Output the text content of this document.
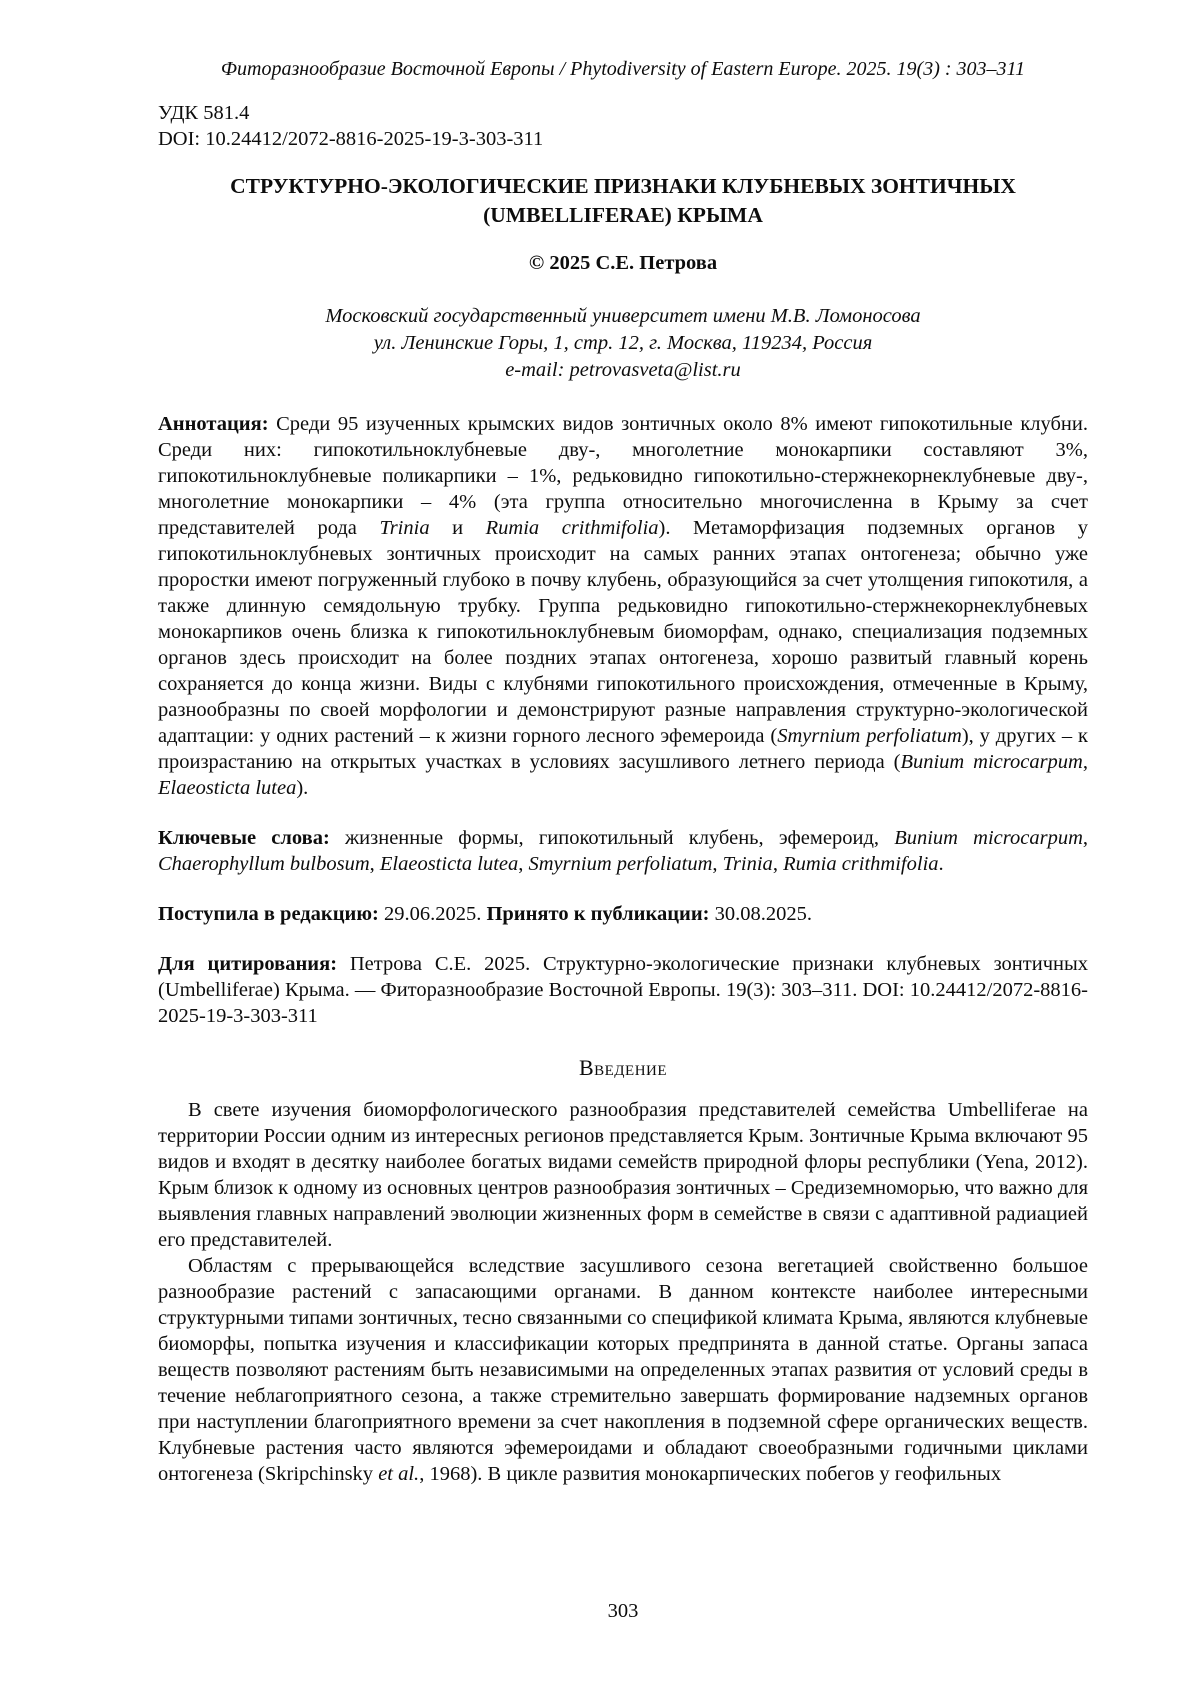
Фиторазнообразие Восточной Европы / Phytodiversity of Eastern Europe. 2025. 19(3) : 303–311
УДК 581.4
DOI: 10.24412/2072-8816-2025-19-3-303-311
СТРУКТУРНО-ЭКОЛОГИЧЕСКИЕ ПРИЗНАКИ КЛУБНЕВЫХ ЗОНТИЧНЫХ
(UMBELLIFERAE) КРЫМА
© 2025 С.Е. Петрова
Московский государственный университет имени М.В. Ломоносова
ул. Ленинские Горы, 1, стр. 12, г. Москва, 119234, Россия
e-mail: petrovasveta@list.ru

Аннотация: Среди 95 изученных крымских видов зонтичных около 8% имеют гипокотильные клубни. Среди них: гипокотильноклубневые дву-, многолетние монокарпики составляют 3%, гипокотильноклубневые поликарпики – 1%, редьковидно гипокотильно-стержнекорнеклубневые дву-, многолетние монокарпики – 4% (эта группа относительно многочисленна в Крыму за счет представителей рода Trinia и Rumia crithmifolia). Метаморфизация подземных органов у гипокотильноклубневых зонтичных происходит на самых ранних этапах онтогенеза; обычно уже проростки имеют погруженный глубоко в почву клубень, образующийся за счет утолщения гипокотиля, а также длинную семядольную трубку. Группа редьковидно гипокотильно-стержнекорнеклубневых монокарпиков очень близка к гипокотильноклубневым биоморфам, однако, специализация подземных органов здесь происходит на более поздних этапах онтогенеза, хорошо развитый главный корень сохраняется до конца жизни. Виды с клубнями гипокотильного происхождения, отмеченные в Крыму, разнообразны по своей морфологии и демонстрируют разные направления структурно-экологической адаптации: у одних растений – к жизни горного лесного эфемероида (Smyrnium perfoliatum), у других – к произрастанию на открытых участках в условиях засушливого летнего периода (Bunium microcarpum, Elaeosticta lutea).

Ключевые слова: жизненные формы, гипокотильный клубень, эфемероид, Bunium microcarpum, Chaerophyllum bulbosum, Elaeosticta lutea, Smyrnium perfoliatum, Trinia, Rumia crithmifolia.

Поступила в редакцию: 29.06.2025. Принято к публикации: 30.08.2025.

Для цитирования: Петрова С.Е. 2025. Структурно-экологические признаки клубневых зонтичных (Umbelliferae) Крыма. — Фиторазнообразие Восточной Европы. 19(3): 303–311. DOI: 10.24412/2072-8816-2025-19-3-303-311

Введение

В свете изучения биоморфологического разнообразия представителей семейства Umbelliferae на территории России одним из интересных регионов представляется Крым. Зонтичные Крыма включают 95 видов и входят в десятку наиболее богатых видами семейств природной флоры республики (Yena, 2012). Крым близок к одному из основных центров разнообразия зонтичных – Средиземноморью, что важно для выявления главных направлений эволюции жизненных форм в семействе в связи с адаптивной радиацией его представителей.

Областям с прерывающейся вследствие засушливого сезона вегетацией свойственно большое разнообразие растений с запасающими органами. В данном контексте наиболее интересными структурными типами зонтичных, тесно связанными со спецификой климата Крыма, являются клубневые биоморфы, попытка изучения и классификации которых предпринята в данной статье. Органы запаса веществ позволяют растениям быть независимыми на определенных этапах развития от условий среды в течение неблагоприятного сезона, а также стремительно завершать формирование надземных органов при наступлении благоприятного времени за счет накопления в подземной сфере органических веществ. Клубневые растения часто являются эфемероидами и обладают своеобразными годичными циклами онтогенеза (Skripchinsky et al., 1968). В цикле развития монокарпических побегов у геофильных

303
